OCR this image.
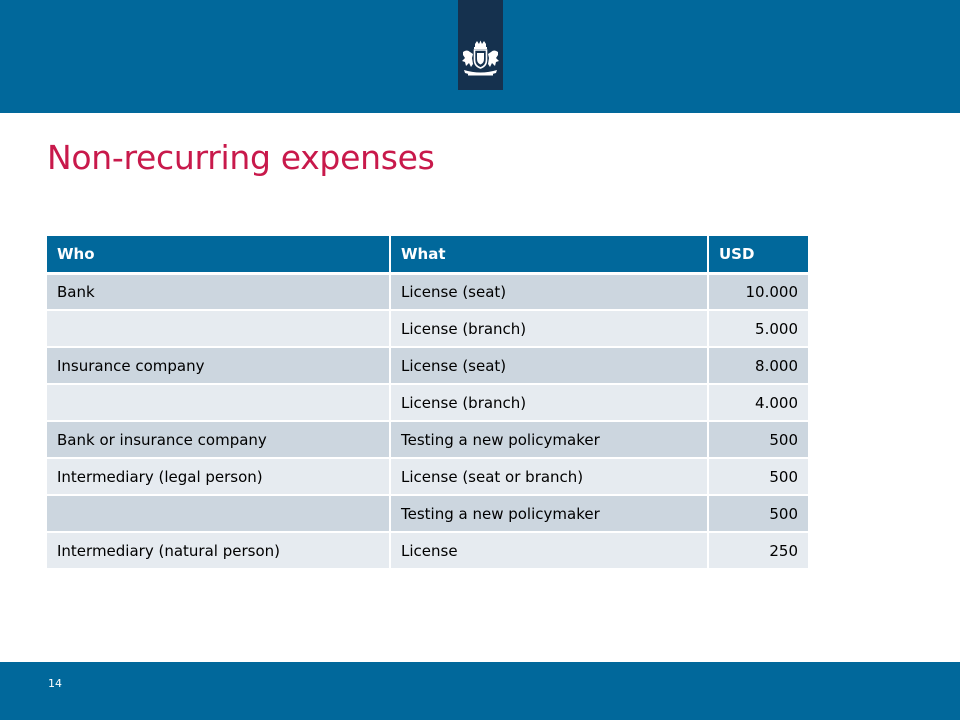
Non-recurring expenses
Who	What	USD
Bank	License (seat)	10.000
	License (branch)	5.000
Insurance company	License (seat)	8.000
	License (branch)	4.000
Bank or insurance company	Testing a new policymaker	500
Intermediary (legal person)	License (seat or branch)	500
	Testing a new policymaker	500
Intermediary (natural person)	License	250
14
